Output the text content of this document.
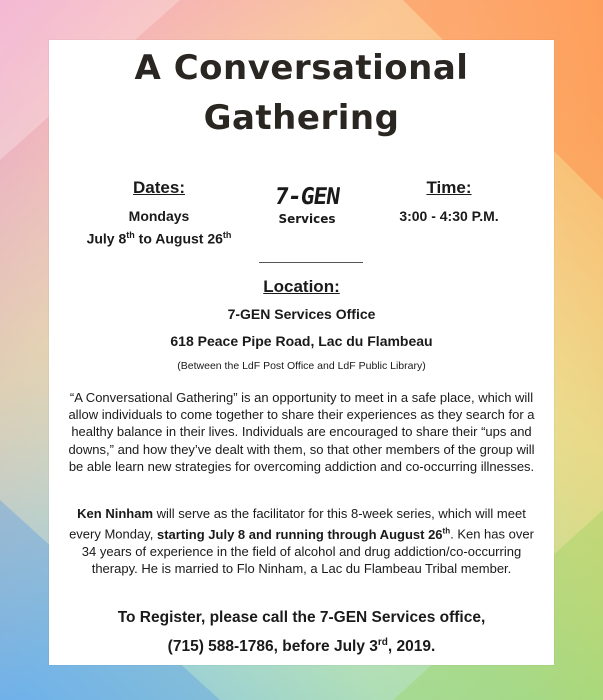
A Conversational
Gathering
Dates:
Mondays
July 8th to August 26th
7-GEN
Services
Time:
3:00 - 4:30 P.M.
Location:
7-GEN Services Office
618 Peace Pipe Road, Lac du Flambeau
(Between the LdF Post Office and LdF Public Library)

“A Conversational Gathering” is an opportunity to meet in a safe place, which will allow individuals to come together to share their experiences as they search for a healthy balance in their lives. Individuals are encouraged to share their “ups and downs,” and how they’ve dealt with them, so that other members of the group will be able learn new strategies for overcoming addiction and co-occurring illnesses.

Ken Ninham will serve as the facilitator for this 8-week series, which will meet every Monday, starting July 8 and running through August 26th. Ken has over 34 years of experience in the field of alcohol and drug addiction/co-occurring therapy. He is married to Flo Ninham, a Lac du Flambeau Tribal member.

To Register, please call the 7-GEN Services office,

(715) 588-1786, before July 3rd, 2019.
